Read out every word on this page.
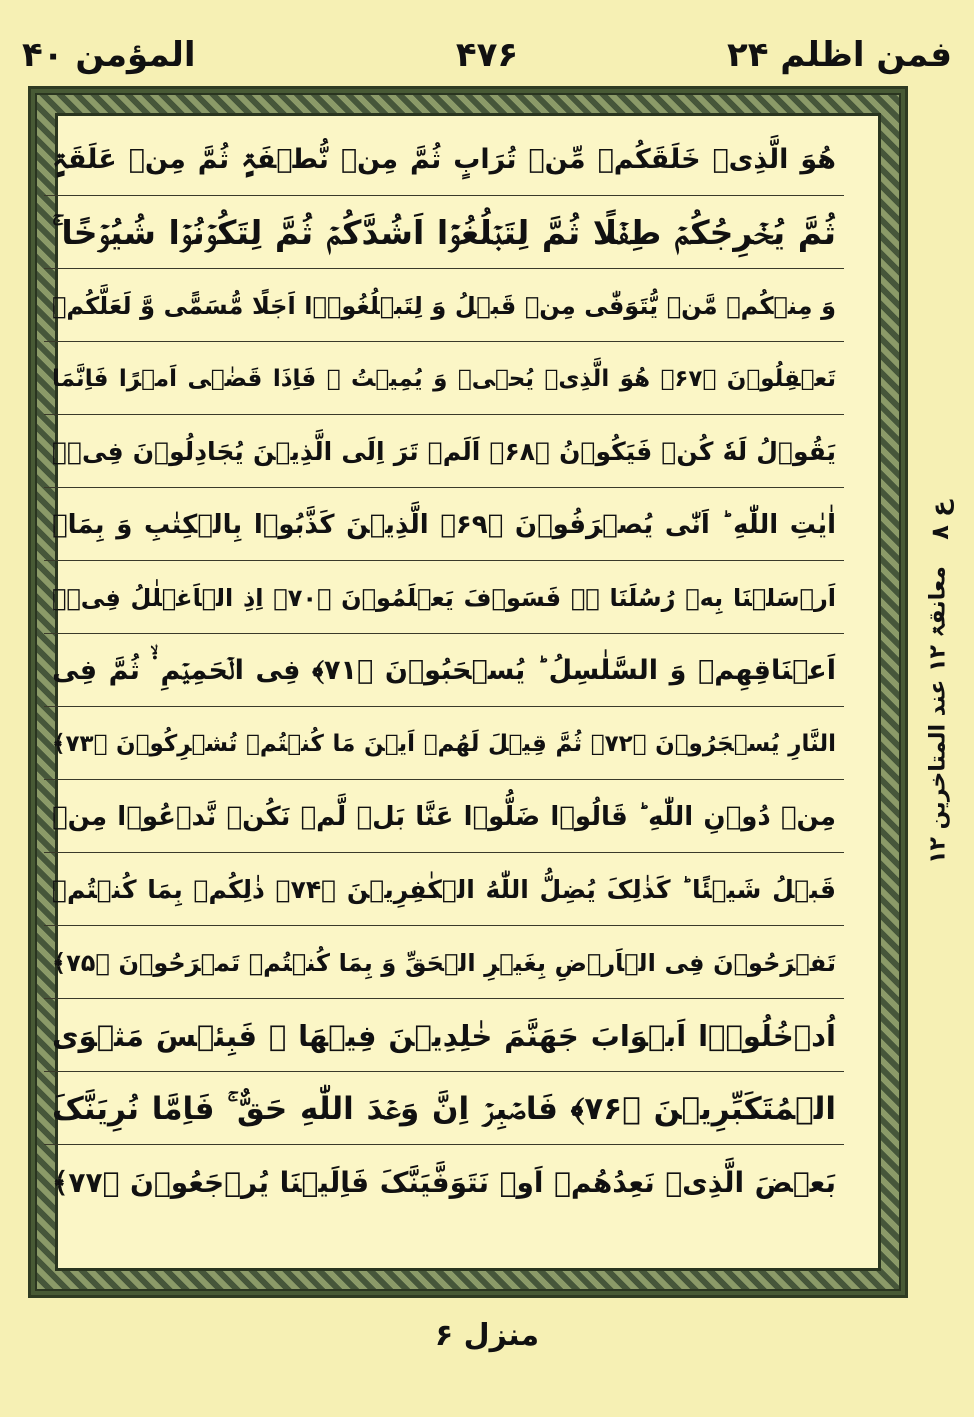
المؤمن ۴۰	۴۷۶	فمن اظلم ۲۴
هُوَ الَّذِیۡ خَلَقَکُمۡ مِّنۡ تُرَابٍ ثُمَّ مِنۡ نُّطۡفَۃٍ ثُمَّ مِنۡ عَلَقَۃٍ
ثُمَّ یُخۡرِجُکُمۡ طِفۡلًا ثُمَّ لِتَبۡلُغُوۡۤا اَشُدَّکُمۡ ثُمَّ لِتَکُوۡنُوۡا شُیُوۡخًا ۚ
وَ مِنۡکُمۡ مَّنۡ یُّتَوَفّٰی مِنۡ قَبۡلُ وَ لِتَبۡلُغُوۡۤا اَجَلًا مُّسَمًّی وَّ لَعَلَّکُمۡ
تَعۡقِلُوۡنَ ﴿۶۷﴾ هُوَ الَّذِیۡ یُحۡیٖ وَ یُمِیۡتُ ۚ فَاِذَا قَضٰۤی اَمۡرًا فَاِنَّمَا
یَقُوۡلُ لَهٗ کُنۡ فَیَکُوۡنُ ﴿۶۸﴾ اَلَمۡ تَرَ اِلَی الَّذِیۡنَ یُجَادِلُوۡنَ فِیۡۤ
اٰیٰتِ اللّٰهِ ؕ اَنّٰی یُصۡرَفُوۡنَ ﴿۶۹﴾ الَّذِیۡنَ کَذَّبُوۡا بِالۡکِتٰبِ وَ بِمَاۤ
اَرۡسَلۡنَا بِهٖ رُسُلَنَا ۟ۛ فَسَوۡفَ یَعۡلَمُوۡنَ ﴿۷۰﴾ اِذِ الۡاَغۡلٰلُ فِیۡۤ
اَعۡنَاقِهِمۡ وَ السَّلٰسِلُ ؕ یُسۡحَبُوۡنَ ﴿۷۱﴾ فِی الۡحَمِیۡمِ ۬ۙ ثُمَّ فِی
النَّارِ یُسۡجَرُوۡنَ ﴿۷۲﴾ ثُمَّ قِیۡلَ لَهُمۡ اَیۡنَ مَا کُنۡتُمۡ تُشۡرِکُوۡنَ ﴿۷۳﴾
مِنۡ دُوۡنِ اللّٰهِ ؕ قَالُوۡا ضَلُّوۡا عَنَّا بَلۡ لَّمۡ نَکُنۡ نَّدۡعُوۡا مِنۡ
قَبۡلُ شَیۡئًا ؕ کَذٰلِکَ یُضِلُّ اللّٰهُ الۡکٰفِرِیۡنَ ﴿۷۴﴾ ذٰلِکُمۡ بِمَا کُنۡتُمۡ
تَفۡرَحُوۡنَ فِی الۡاَرۡضِ بِغَیۡرِ الۡحَقِّ وَ بِمَا کُنۡتُمۡ تَمۡرَحُوۡنَ ﴿۷۵﴾
اُدۡخُلُوۡۤا اَبۡوَابَ جَهَنَّمَ خٰلِدِیۡنَ فِیۡهَا ۚ فَبِئۡسَ مَثۡوَی
الۡمُتَکَبِّرِیۡنَ ﴿۷۶﴾ فَاصۡبِرۡ اِنَّ وَعۡدَ اللّٰهِ حَقٌّ ۚ فَاِمَّا نُرِیَنَّکَ
بَعۡضَ الَّذِیۡ نَعِدُهُمۡ اَوۡ نَتَوَفَّیَنَّکَ فَاِلَیۡنَا یُرۡجَعُوۡنَ ﴿۷۷﴾
ع ۸
معانقۃ ۱۲ عند المتاخرین ۱۲
منزل ۶
